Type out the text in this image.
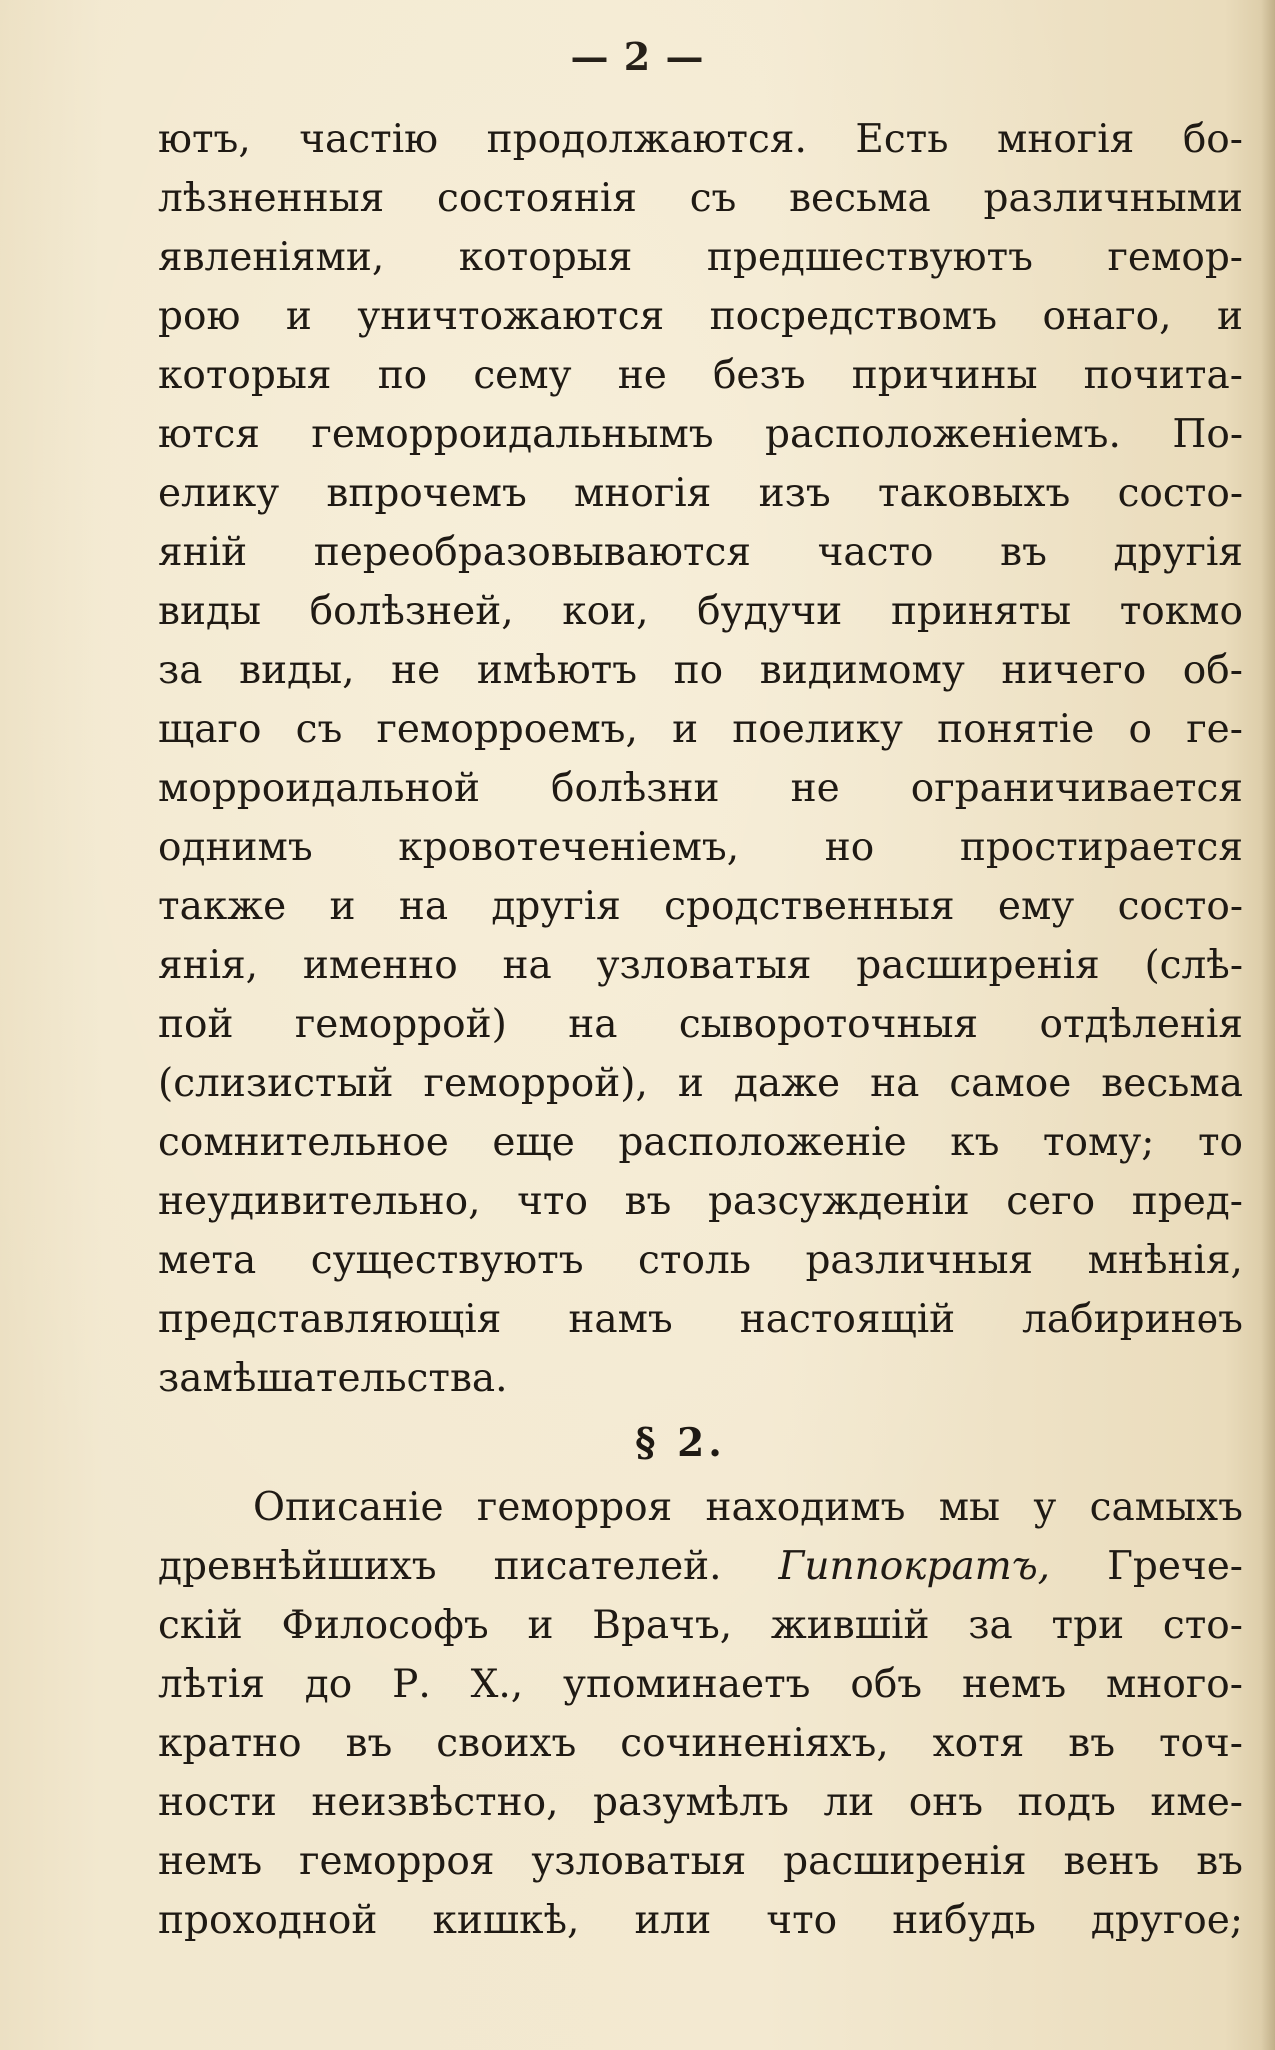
— 2 —
ютъ, частію продолжаются. Есть многія бо-
лѣзненныя состоянія съ весьма различными
явленіями, которыя предшествуютъ гемор-
рою и уничтожаются посредствомъ онаго, и
которыя по сему не безъ причины почита-
ются геморроидальнымъ расположеніемъ. По-
елику впрочемъ многія изъ таковыхъ состо-
яній переобразовываются часто въ другія
виды болѣзней, кои, будучи приняты токмо
за виды, не имѣютъ по видимому ничего об-
щаго съ геморроемъ, и поелику понятіе о ге-
морроидальной болѣзни не ограничивается
однимъ кровотеченіемъ, но простирается
также и на другія сродственныя ему состо-
янія, именно на узловатыя расширенія (слѣ-
пой геморрой) на сывороточныя отдѣленія
(слизистый геморрой), и даже на самое весьма
сомнительное еще расположеніе къ тому; то
неудивительно, что въ разсужденіи сего пред-
мета существуютъ столь различныя мнѣнія,
представляющія намъ настоящій лабиринѳъ
замѣшательства.
§ 2.
Описаніе геморроя находимъ мы у самыхъ
древнѣйшихъ писателей. Гиппократъ, Грече-
скій Философъ и Врачъ, жившій за три сто-
лѣтія до Р. Х., упоминаетъ объ немъ много-
кратно въ своихъ сочиненіяхъ, хотя въ точ-
ности неизвѣстно, разумѣлъ ли онъ подъ име-
немъ геморроя узловатыя расширенія венъ въ
проходной кишкѣ, или что нибудь другое;
